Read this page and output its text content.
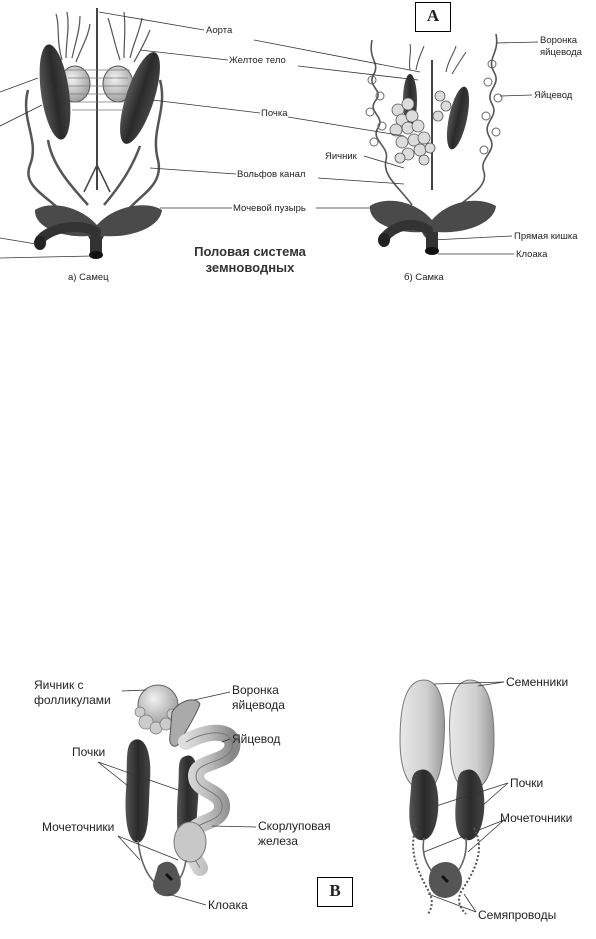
A
Аорта
Желтое тело
Почка
Яичник
Вольфов канал
Мочевой пузырь
Воронка
яйцевода
Яйцевод
Прямая кишка
Клоака
Половая система
земноводных
а) Самец	б) Самка
Яичник с
фолликулами
Воронка
яйцевода
Яйцевод
Почки
Мочеточники	Скорлуповая
железа
Клоака
Семенники
Почки
Мочеточники
Семяпроводы
B
